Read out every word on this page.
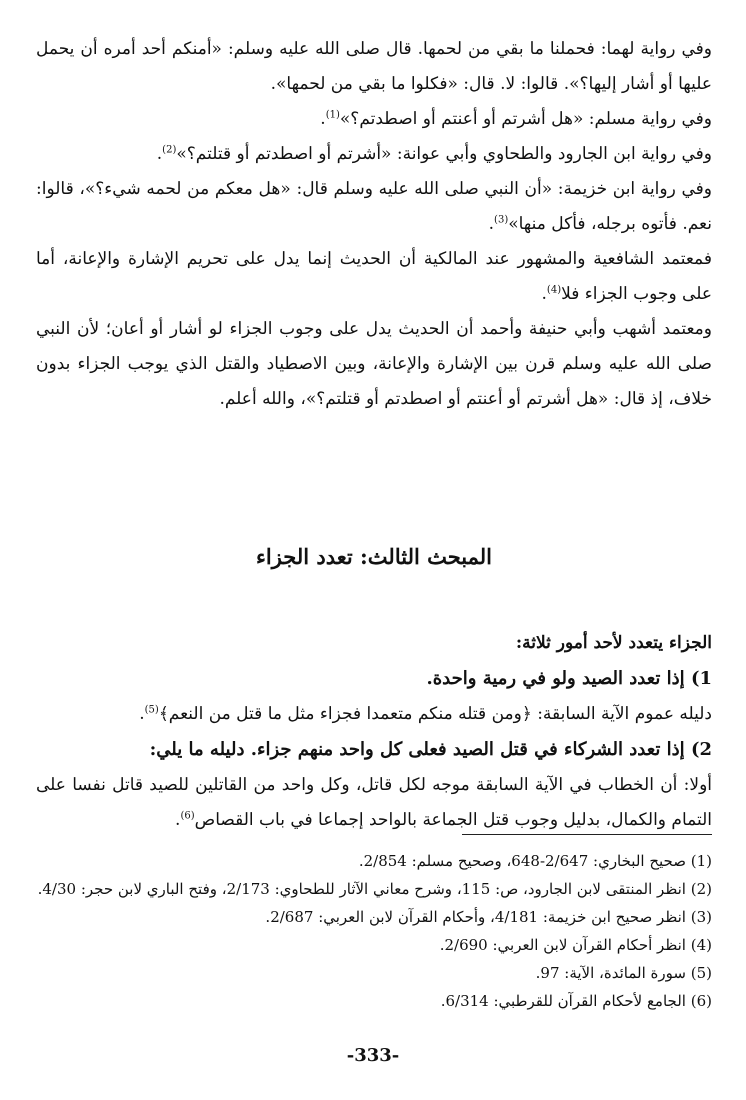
وفي رواية لهما: فحملنا ما بقي من لحمها. قال صلى الله عليه وسلم: «أمنكم أحد أمره أن يحمل عليها أو أشار إليها؟». قالوا: لا. قال: «فكلوا ما بقي من لحمها».

وفي رواية مسلم: «هل أشرتم أو أعنتم أو اصطدتم؟»$^{(1)}$.

وفي رواية ابن الجارود والطحاوي وأبي عوانة: «أشرتم أو اصطدتم أو قتلتم؟»$^{(2)}$.

وفي رواية ابن خزيمة: «أن النبي صلى الله عليه وسلم قال: «هل معكم من لحمه شيء؟»، قالوا: نعم. فأتوه برجله، فأكل منها»$^{(3)}$.

فمعتمد الشافعية والمشهور عند المالكية أن الحديث إنما يدل على تحريم الإشارة والإعانة، أما على وجوب الجزاء فلا$^{(4)}$.

ومعتمد أشهب وأبي حنيفة وأحمد أن الحديث يدل على وجوب الجزاء لو أشار أو أعان؛ لأن النبي صلى الله عليه وسلم قرن بين الإشارة والإعانة، وبين الاصطياد والقتل الذي يوجب الجزاء بدون خلاف، إذ قال: «هل أشرتم أو أعنتم أو اصطدتم أو قتلتم؟»، والله أعلم.

المبحث الثالث: تعدد الجزاء

الجزاء يتعدد لأحد أمور ثلاثة:

1) إذا تعدد الصيد ولو في رمية واحدة.

دليله عموم الآية السابقة: ﴿ومن قتله منكم متعمدا فجزاء مثل ما قتل من النعم﴾$^{(5)}$.

2) إذا تعدد الشركاء في قتل الصيد فعلى كل واحد منهم جزاء. دليله ما يلي:

أولا: أن الخطاب في الآية السابقة موجه لكل قاتل، وكل واحد من القاتلين للصيد قاتل نفسا على التمام والكمال، بدليل وجوب قتل الجماعة بالواحد إجماعا في باب القصاص$^{(6)}$.

(1) صحيح البخاري: 2/647-648، وصحيح مسلم: 2/854.

(2) انظر المنتقى لابن الجارود، ص: 115، وشرح معاني الآثار للطحاوي: 2/173، وفتح الباري لابن حجر: 4/30.

(3) انظر صحيح ابن خزيمة: 4/181، وأحكام القرآن لابن العربي: 2/687.

(4) انظر أحكام القرآن لابن العربي: 2/690.

(5) سورة المائدة، الآية: 97.

(6) الجامع لأحكام القرآن للقرطبي: 6/314.

-333-
